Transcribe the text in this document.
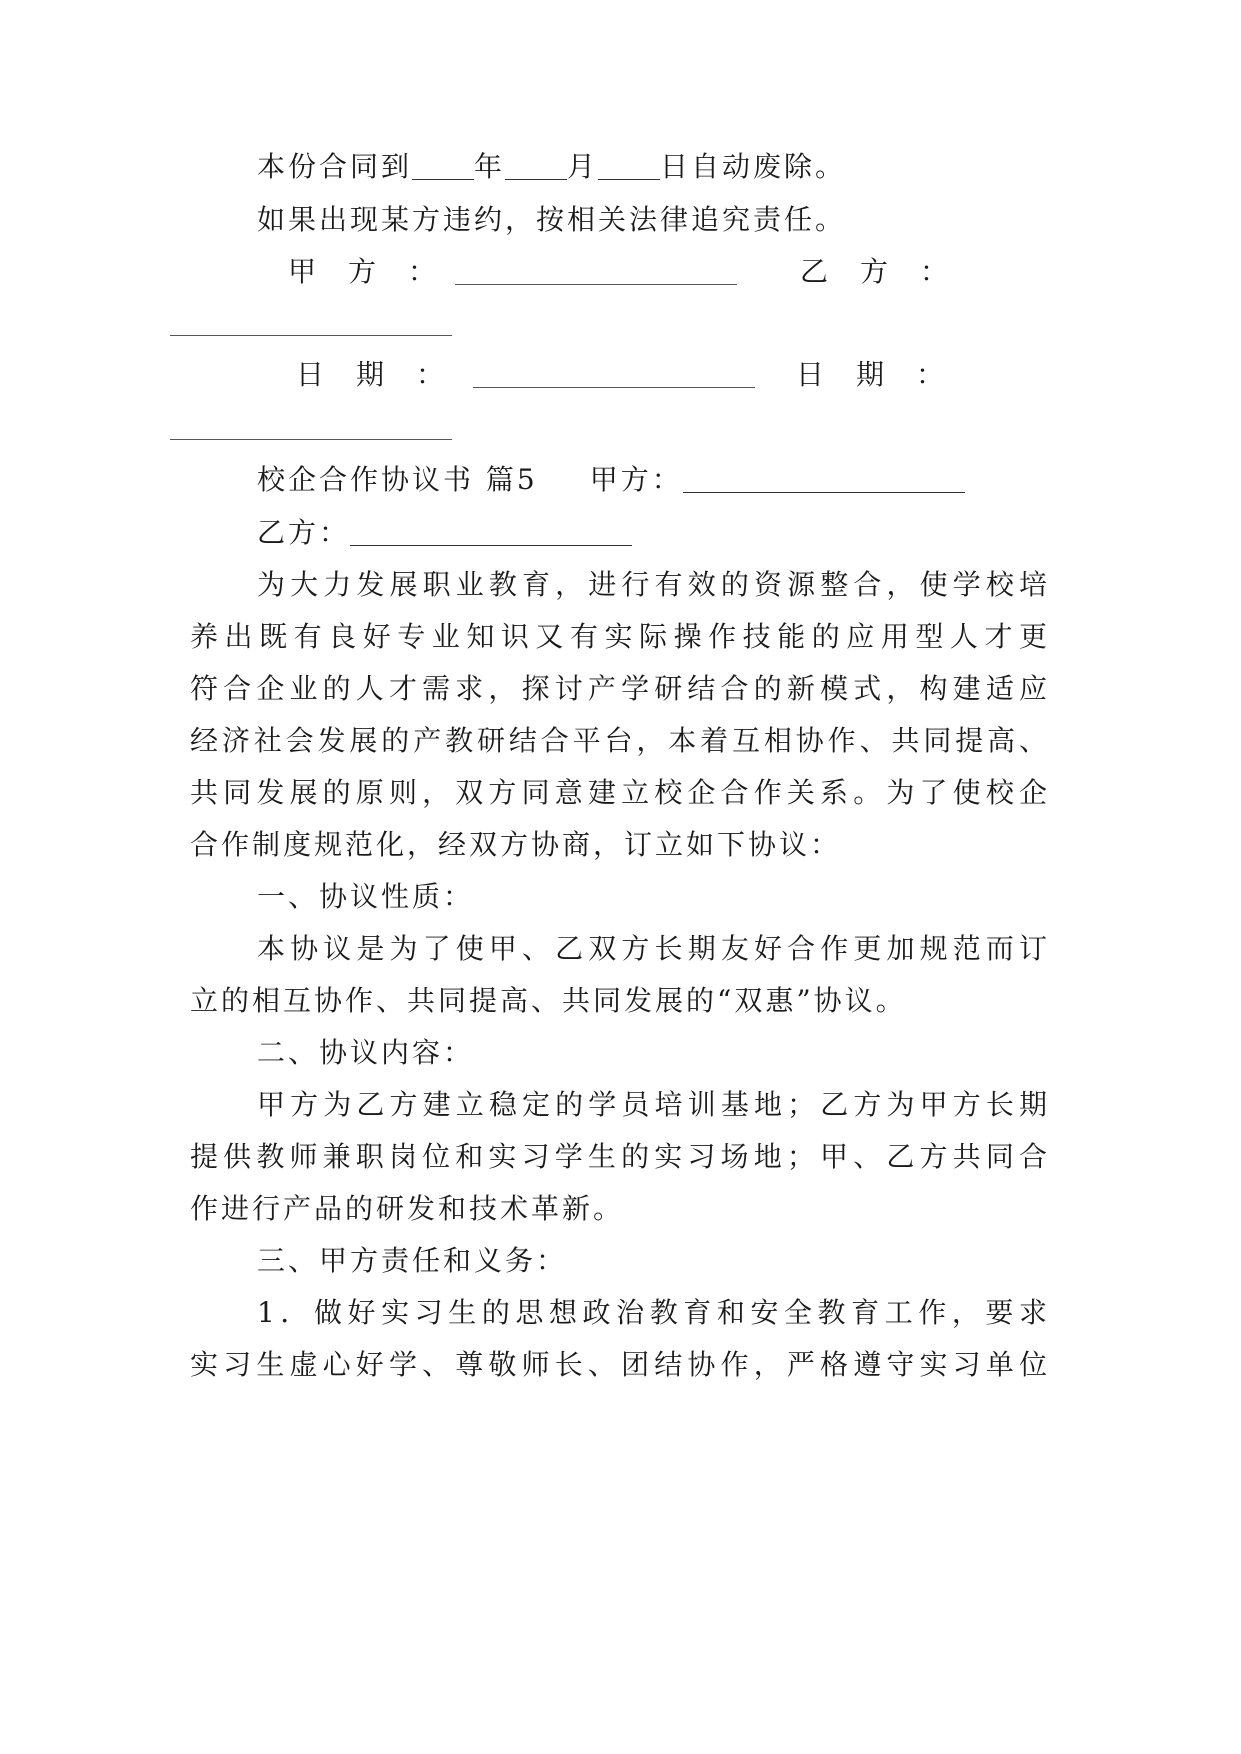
本份合同到 年 月 日自动废除。
如果出现某方违约，按相关法律追究责任。
甲方：	乙方：
日期：	日期：
校企合作协议书 篇5 甲方：
乙方：
为大力发展职业教育，进行有效的资源整合，使学校培
养出既有良好专业知识又有实际操作技能的应用型人才更
符合企业的人才需求，探讨产学研结合的新模式，构建适应
经济社会发展的产教研结合平台，本着互相协作、共同提高、
共同发展的原则，双方同意建立校企合作关系。为了使校企
合作制度规范化，经双方协商，订立如下协议：
一、协议性质：
本协议是为了使甲、乙双方长期友好合作更加规范而订
立的相互协作、共同提高、共同发展的“双惠”协议。
二、协议内容：
甲方为乙方建立稳定的学员培训基地；乙方为甲方长期
提供教师兼职岗位和实习学生的实习场地；甲、乙方共同合
作进行产品的研发和技术革新。
三、甲方责任和义务：
1．做好实习生的思想政治教育和安全教育工作，要求
实习生虚心好学、尊敬师长、团结协作，严格遵守实习单位
